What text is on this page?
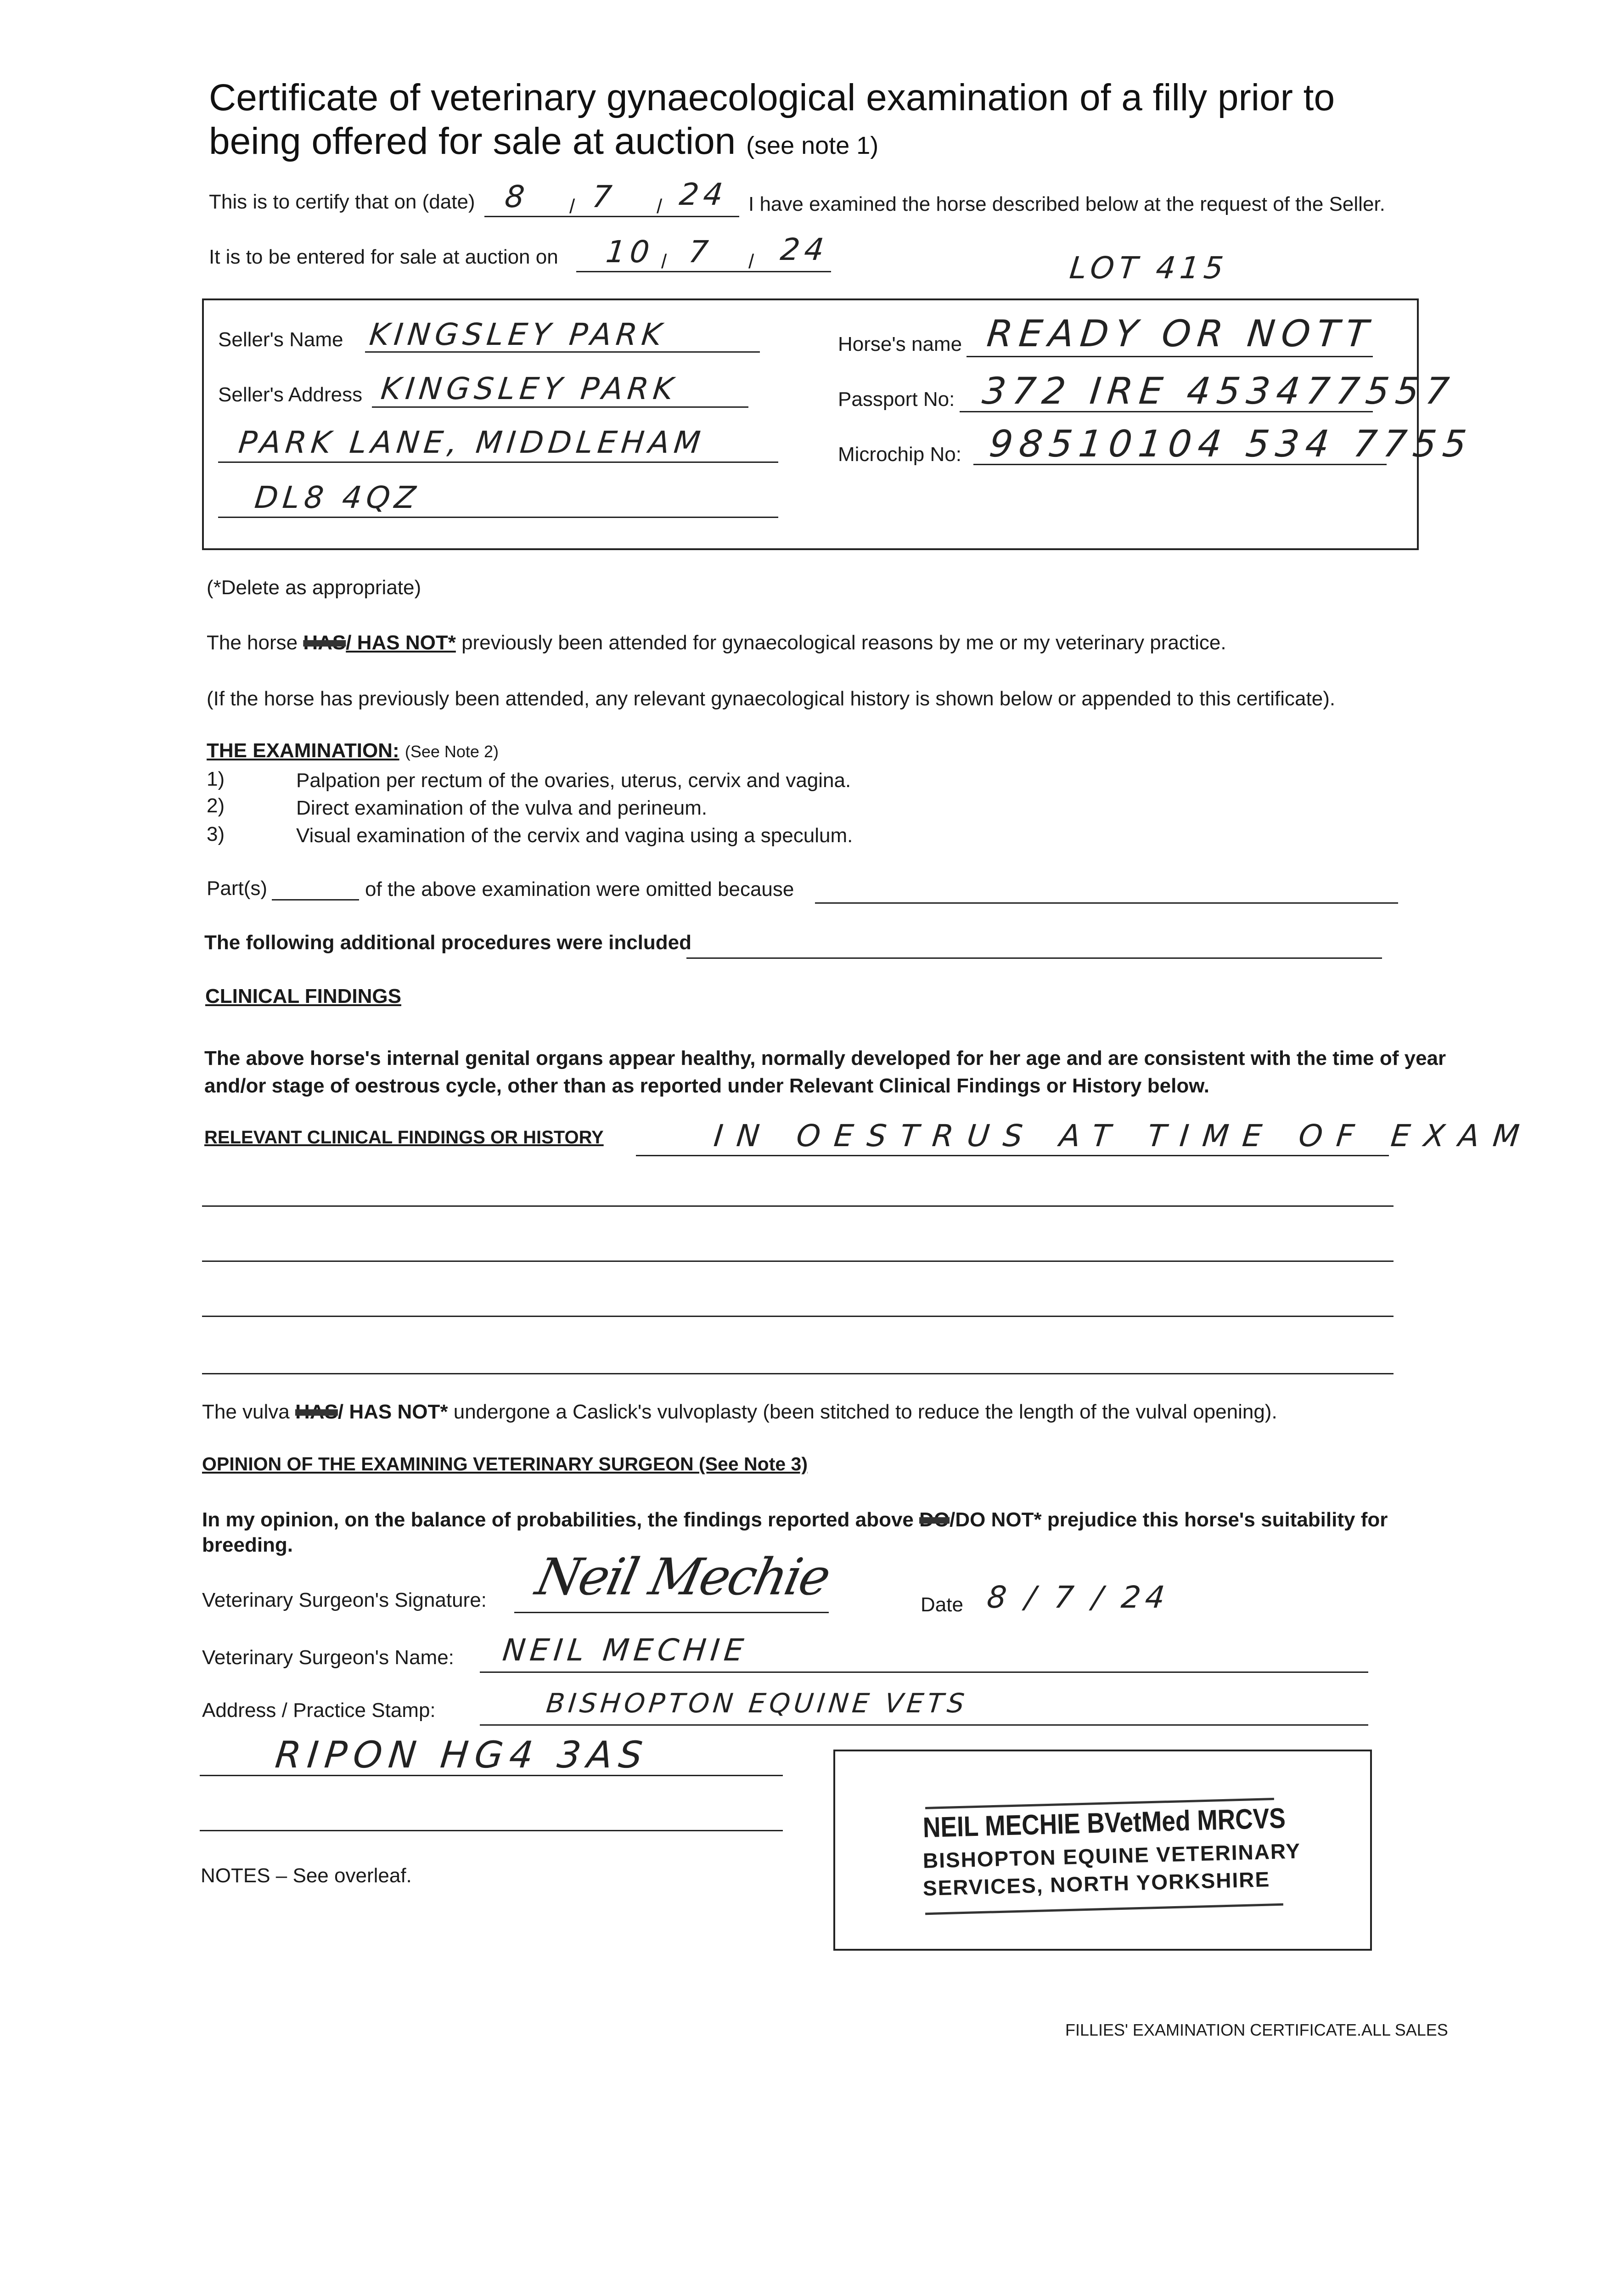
Certificate of veterinary gynaecological examination of a filly prior to
being offered for sale at auction (see note 1)
This is to certify that on (date)	/	/
8 7 24 I have examined the horse described below at the request of the Seller.
It is to be entered for sale at auction on	/	/
10 7 24
LOT 415
Seller's Name KINGSLEY PARK
Seller's Address KINGSLEY PARK
PARK LANE, MIDDLEHAM
DL8 4QZ
Horse's name READY OR NOTT
Passport No: 372 IRE 453477557
Microchip No: 98510104 534 7755
(*Delete as appropriate)
The horse HAS/ HAS NOT* previously been attended for gynaecological reasons by me or my veterinary practice.
(If the horse has previously been attended, any relevant gynaecological history is shown below or appended to this certificate).
THE EXAMINATION: (See Note 2)
1)	Palpation per rectum of the ovaries, uterus, cervix and vagina.
2)	Direct examination of the vulva and perineum.
3)	Visual examination of the cervix and vagina using a speculum.
Part(s)	of the above examination were omitted because
The following additional procedures were included
CLINICAL FINDINGS
The above horse's internal genital organs appear healthy, normally developed for her age and are consistent with the time of year
and/or stage of oestrous cycle, other than as reported under Relevant Clinical Findings or History below.
RELEVANT CLINICAL FINDINGS OR HISTORY	IN OESTRUS AT TIME OF EXAM
The vulva HAS/ HAS NOT* undergone a Caslick's vulvoplasty (been stitched to reduce the length of the vulval opening).
OPINION OF THE EXAMINING VETERINARY SURGEON (See Note 3)
In my opinion, on the balance of probabilities, the findings reported above DO/DO NOT* prejudice this horse's suitability for
breeding.
Veterinary Surgeon's Signature: Neil Mechie	Date 8 / 7 / 24
Veterinary Surgeon's Name: NEIL MECHIE
Address / Practice Stamp:	BISHOPTON EQUINE VETS
RIPON HG4 3AS
NEIL MECHIE BVetMed MRCVS
BISHOPTON EQUINE VETERINARY
SERVICES, NORTH YORKSHIRE
NOTES – See overleaf.
FILLIES' EXAMINATION CERTIFICATE.ALL SALES
